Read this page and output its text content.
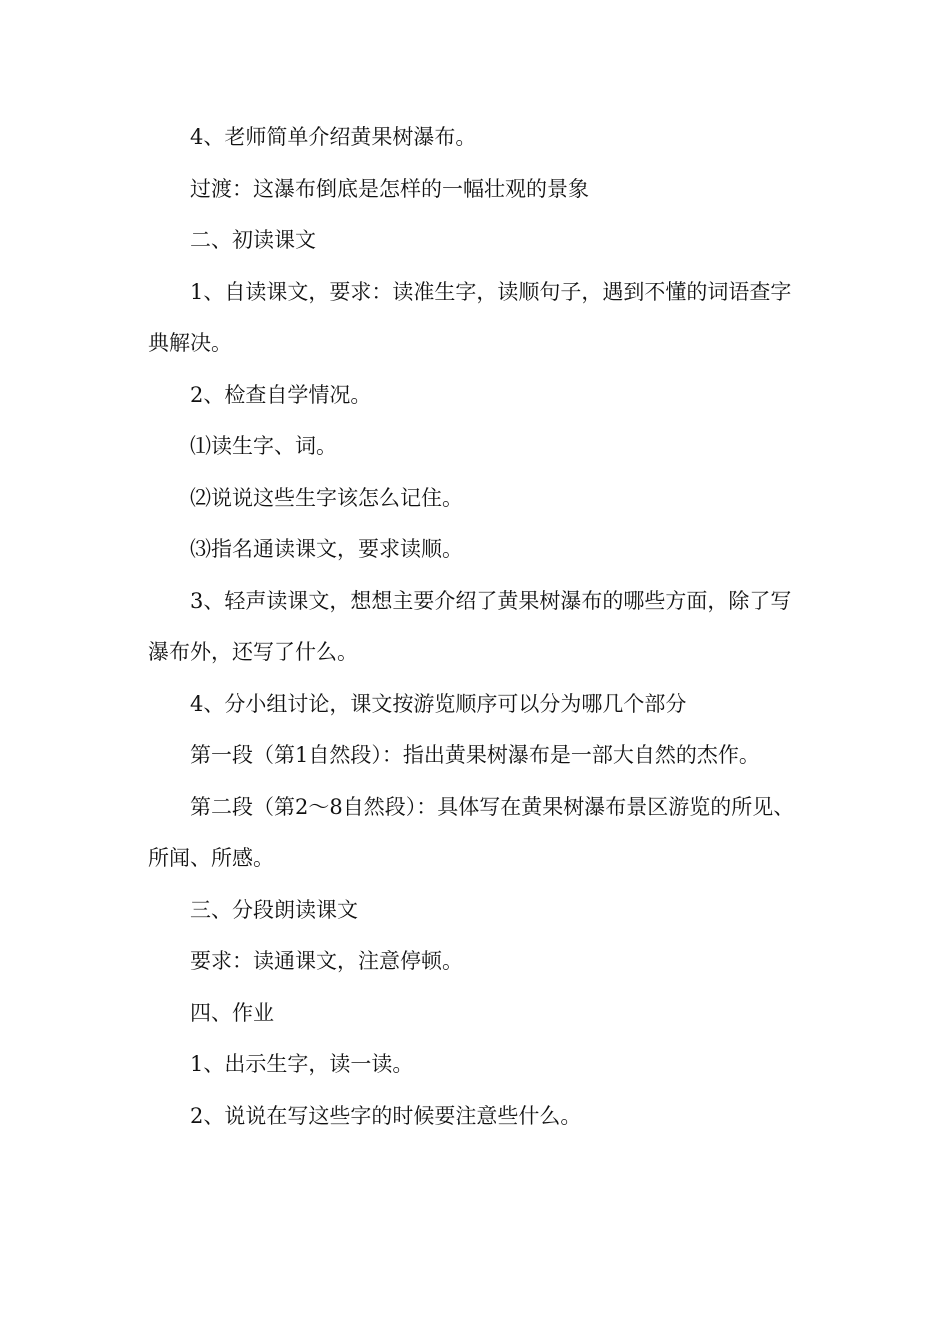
4、老师简单介绍黄果树瀑布。

过渡：这瀑布倒底是怎样的一幅壮观的景象

二、初读课文

1、自读课文，要求：读准生字，读顺句子，遇到不懂的词语查字典解决。

2、检查自学情况。

⑴读生字、词。

⑵说说这些生字该怎么记住。

⑶指名通读课文，要求读顺。

3、轻声读课文，想想主要介绍了黄果树瀑布的哪些方面，除了写瀑布外，还写了什么。

4、分小组讨论，课文按游览顺序可以分为哪几个部分

第一段（第1自然段）：指出黄果树瀑布是一部大自然的杰作。

第二段（第2～8自然段）：具体写在黄果树瀑布景区游览的所见、所闻、所感。

三、分段朗读课文

要求：读通课文，注意停顿。

四、作业

1、出示生字，读一读。

2、说说在写这些字的时候要注意些什么。
